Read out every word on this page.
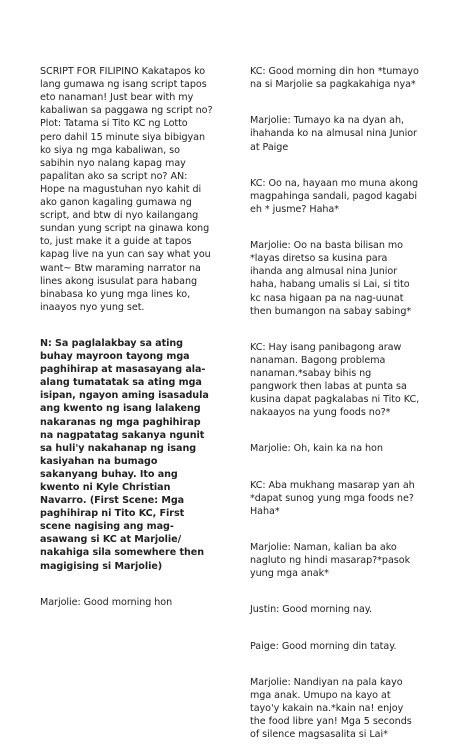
SCRIPT FOR FILIPINO Kakatapos ko
lang gumawa ng isang script tapos
eto nanaman! Just bear with my
kabaliwan sa paggawa ng script no?
Plot: Tatama si Tito KC ng Lotto
pero dahil 15 minute siya bibigyan
ko siya ng mga kabaliwan, so
sabihin nyo nalang kapag may
papalitan ako sa script no? AN:
Hope na magustuhan nyo kahit di
ako ganon kagaling gumawa ng
script, and btw di nyo kailangang
sundan yung script na ginawa kong
to, just make it a guide at tapos
kapag live na yun can say what you
want~ Btw maraming narrator na
lines akong isusulat para habang
binabasa ko yung mga lines ko,
inaayos nyo yung set.

N: Sa paglalakbay sa ating
buhay mayroon tayong mga
paghihirap at masasayang ala-
alang tumatatak sa ating mga
isipan, ngayon aming isasadula
ang kwento ng isang lalakeng
nakaranas ng mga paghihirap
na nagpatatag sakanya ngunit
sa huli'y nakahanap ng isang
kasiyahan na bumago
sakanyang buhay. Ito ang
kwento ni Kyle Christian
Navarro. (First Scene: Mga
paghihirap ni Tito KC, First
scene nagising ang mag-
asawang si KC at Marjolie/
nakahiga sila somewhere then
magigising si Marjolie)

Marjolie: Good morning hon

KC: Good morning din hon *tumayo
na si Marjolie sa pagkakahiga nya*

Marjolie: Tumayo ka na dyan ah,
ihahanda ko na almusal nina Junior
at Paige

KC: Oo na, hayaan mo muna akong
magpahinga sandali, pagod kagabi
eh * jusme? Haha*

Marjolie: Oo na basta bilisan mo
*layas diretso sa kusina para
ihanda ang almusal nina Junior
haha, habang umalis si Lai, si tito
kc nasa higaan pa na nag-uunat
then bumangon na sabay sabing*

KC: Hay isang panibagong araw
nanaman. Bagong problema
nanaman.*sabay bihis ng
pangwork then labas at punta sa
kusina dapat pagkalabas ni Tito KC,
nakaayos na yung foods no?*

Marjolie: Oh, kain ka na hon

KC: Aba mukhang masarap yan ah
*dapat sunog yung mga foods ne?
Haha*

Marjolie: Naman, kalian ba ako
nagluto ng hindi masarap?*pasok
yung mga anak*

Justin: Good morning nay.

Paige: Good morning din tatay.

Marjolie: Nandiyan na pala kayo
mga anak. Umupo na kayo at
tayo'y kakain na.*kain na! enjoy
the food libre yan! Mga 5 seconds
of silence magsasalita si Lai*
